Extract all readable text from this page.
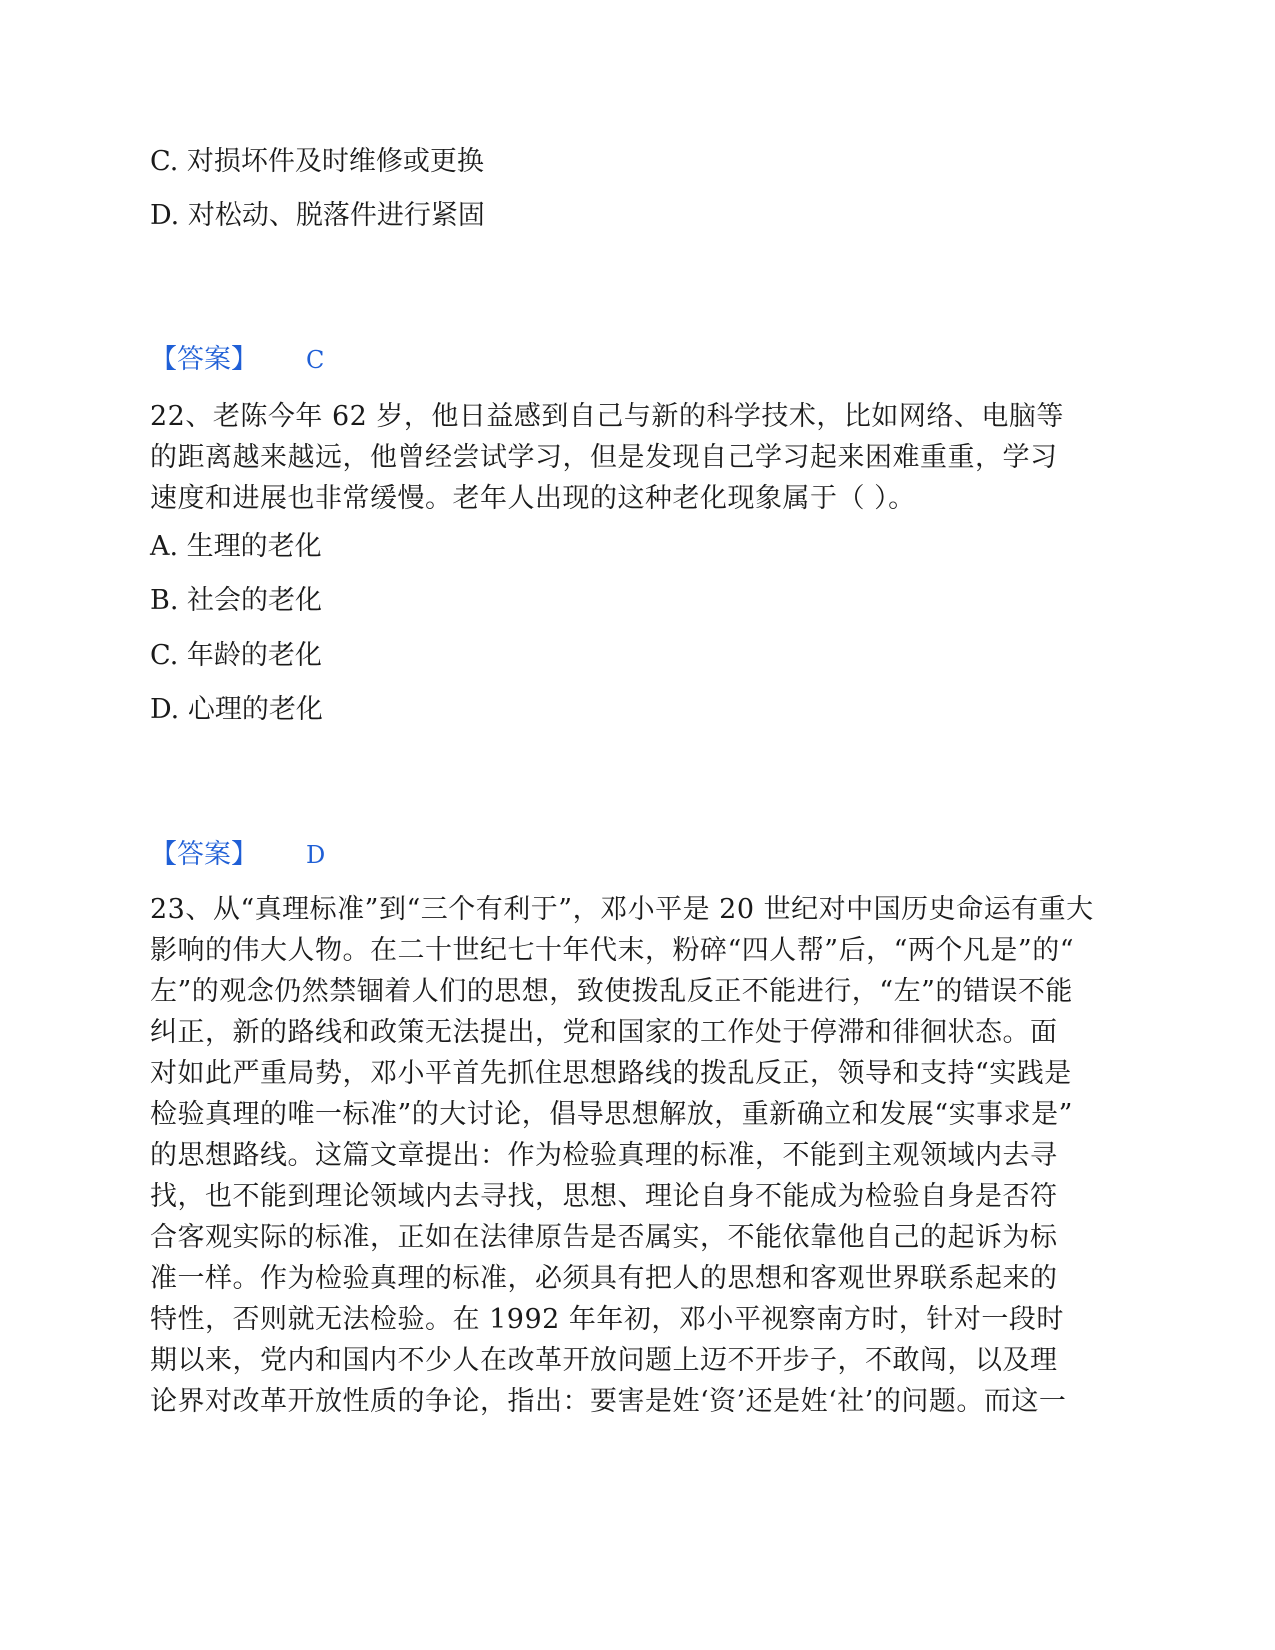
C. 对损坏件及时维修或更换
D. 对松动、脱落件进行紧固
【答案】 C
22、老陈今年 62 岁，他日益感到自己与新的科学技术，比如网络、电脑等
的距离越来越远，他曾经尝试学习，但是发现自己学习起来困难重重，学习
速度和进展也非常缓慢。老年人出现的这种老化现象属于（ ）。
A. 生理的老化
B. 社会的老化
C. 年龄的老化
D. 心理的老化
【答案】 D
23、从“真理标准”到“三个有利于”，邓小平是 20 世纪对中国历史命运有重大
影响的伟大人物。在二十世纪七十年代末，粉碎“四人帮”后，“两个凡是”的“
左”的观念仍然禁锢着人们的思想，致使拨乱反正不能进行，“左”的错误不能
纠正，新的路线和政策无法提出，党和国家的工作处于停滞和徘徊状态。面
对如此严重局势，邓小平首先抓住思想路线的拨乱反正，领导和支持“实践是
检验真理的唯一标准”的大讨论，倡导思想解放，重新确立和发展“实事求是”
的思想路线。这篇文章提出：作为检验真理的标准，不能到主观领域内去寻
找，也不能到理论领域内去寻找，思想、理论自身不能成为检验自身是否符
合客观实际的标准，正如在法律原告是否属实，不能依靠他自己的起诉为标
准一样。作为检验真理的标准，必须具有把人的思想和客观世界联系起来的
特性，否则就无法检验。在 1992 年年初，邓小平视察南方时，针对一段时
期以来，党内和国内不少人在改革开放问题上迈不开步子，不敢闯，以及理
论界对改革开放性质的争论，指出：要害是姓‘资’还是姓‘社’的问题。而这一
